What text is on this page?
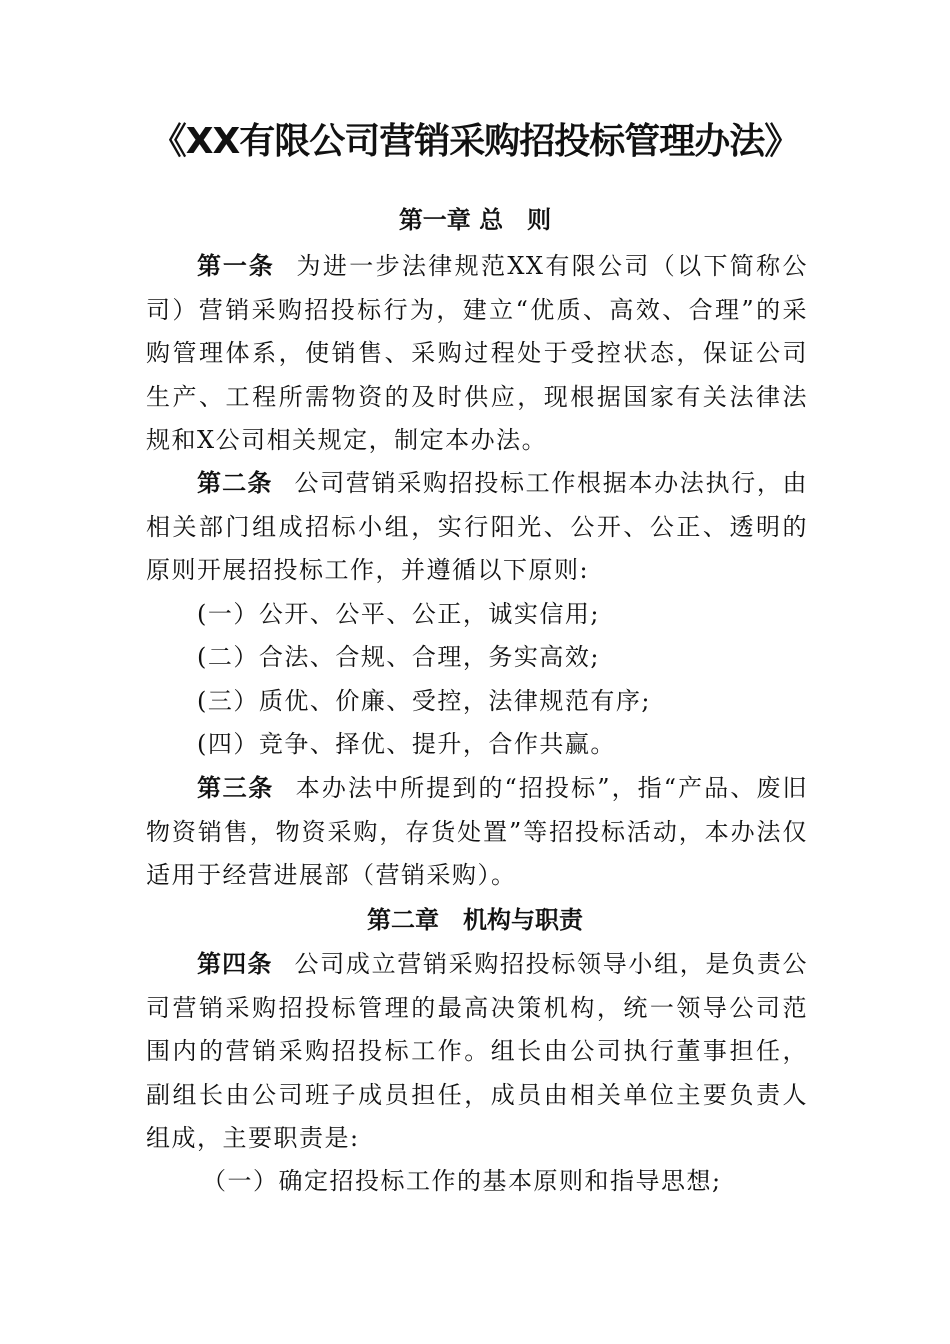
《XX有限公司营销采购招投标管理办法》
第一章 总　则

第一条 为进一步法律规范XX有限公司（以下简称公司）营销采购招投标行为，建立“优质、高效、合理”的采购管理体系，使销售、采购过程处于受控状态，保证公司生产、工程所需物资的及时供应，现根据国家有关法律法规和X公司相关规定，制定本办法。

第二条 公司营销采购招投标工作根据本办法执行，由相关部门组成招标小组，实行阳光、公开、公正、透明的原则开展招投标工作，并遵循以下原则:

(一）公开、公平、公正，诚实信用;

(二）合法、合规、合理，务实高效;

(三）质优、价廉、受控，法律规范有序;

(四）竞争、择优、提升，合作共赢。

第三条 本办法中所提到的“招投标”，指“产品、废旧物资销售，物资采购，存货处置”等招投标活动，本办法仅适用于经营进展部（营销采购）。

第二章　机构与职责

第四条 公司成立营销采购招投标领导小组，是负责公司营销采购招投标管理的最高决策机构，统一领导公司范围内的营销采购招投标工作。组长由公司执行董事担任，副组长由公司班子成员担任，成员由相关单位主要负责人组成，主要职责是:

（一）确定招投标工作的基本原则和指导思想;
